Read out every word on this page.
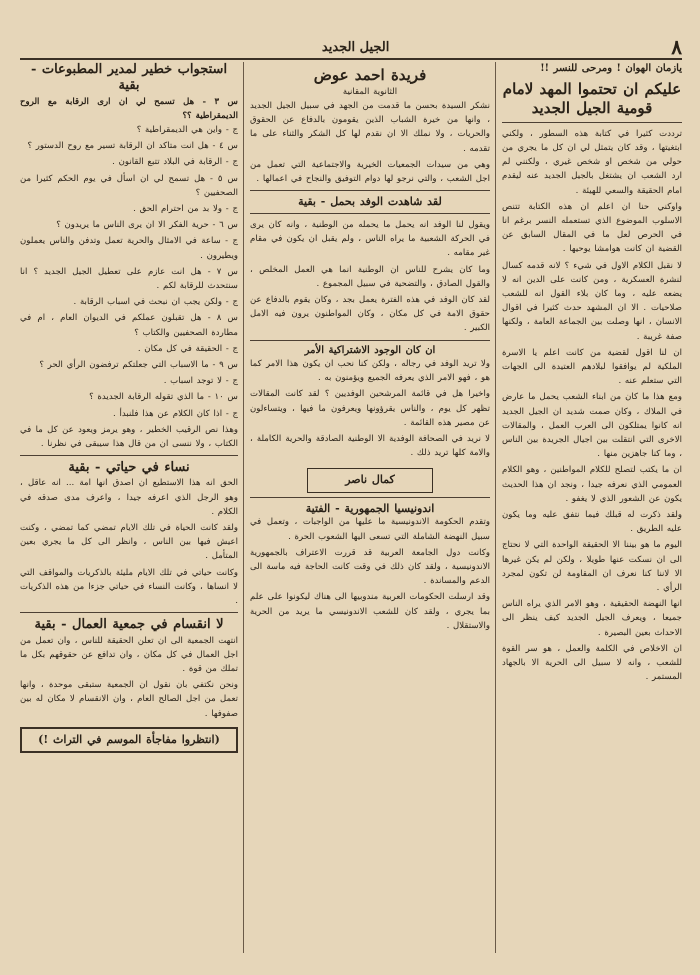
٨
الجيل الجديد
يازمان الهوان ! ومرحى للنسر !!
عليكم ان تحتموا المهد لامام قومية الجيل الجديد

ترددت كثيرا في كتابة هذه السطور ، ولكني ابتغيتها ، وقد كان يتمثل لي ان كل ما يجري من حولي من شخص او شخص غيري ، ولكنني لم ارد الشعب ان يشتغل بالجيل الجديد عنه ليقدم امام الحقيقة والسعي للهيئة .

واوكني حنا ان اعلم ان هذه الكتابة تتنص الاسلوب الموضوع الذي تستعمله النسر برغم انا في الحرص لعل ما في المقال السابق عن القضية ان كانت هوامشا يوحيها .

لا نقبل الكلام الاول في شيء ؟ لانه قدمه كسال لنشرة العسكرية ، ومن كانت على الدين انه لا يضعه عليه ، وما كان بلاء القول انه للشعب صلاحيات . الا ان المشهد حدث كثيرا في اقوال الانسان ، انها وصلت بين الجماعة العامة ، ولكنها صفة غريبة .

ان لنا اقول لقضية من كانت اعلم يا الاسرة الملكية لم يوافقوا لبلادهم العتيدة الى الجهات التي ستعلم عنه .

ومع هذا ما كان من ابناء الشعب يحمل ما عارض في الملاك ، وكان صمت شديد ان الجيل الجديد انه كانوا يمتلكون الى العرب العمل ، والمقالات الاخرى التي انتقلت بين اجيال الجريدة بين الناس ، وما كنا جاهزين منها .

ان ما يكتب لتصلح للكلام المواطنين ، وهو الكلام العمومي الذي نعرفه جيدا ، ونجد ان هذا الحديث يكون عن الشعور الذي لا يغفو .

ولقد ذكرت له قبلك فيما نتفق عليه وما يكون عليه الطريق .

اليوم ما هو بيننا الا الحقيقة الواحدة التي لا نحتاج الى ان نسكت عنها طويلا ، ولكن لم يكن غيرها الا لاننا كنا نعرف ان المقاومة لن تكون لمجرد الرأي .

انها النهضة الحقيقية ، وهو الامر الذي يراه الناس جميعا ، ويعرف الجيل الجديد كيف ينظر الى الاحداث بعين البصيرة .

ان الاخلاص في الكلمة والعمل ، هو سر القوة للشعب ، وانه لا سبيل الى الحرية الا بالجهاد المستمر .

فريدة احمد عوض
الثانوية المقانية

نشكر السيدة بحسن ما قدمت من الجهد في سبيل الجيل الجديد ، وانها من خيرة الشباب الذين يقومون بالدفاع عن الحقوق والحريات ، ولا نملك الا ان نقدم لها كل الشكر والثناء على ما تقدمه .

وهي من سيدات الجمعيات الخيرية والاجتماعية التي تعمل من اجل الشعب ، والتي نرجو لها دوام التوفيق والنجاح في اعمالها .

لقد شاهدت الوفد بحمل - بقية

ويقول لنا الوفد انه يحمل ما يحمله من الوطنية ، وانه كان يرى في الحركة الشعبية ما يراه الناس ، ولم يقبل ان يكون في مقام غير مقامه .

وما كان يشرح للناس ان الوطنية انما هي العمل المخلص ، والقول الصادق ، والتضحية في سبيل المجموع .

لقد كان الوفد في هذه الفترة يعمل بجد ، وكان يقوم بالدفاع عن حقوق الامة في كل مكان ، وكان المواطنون يرون فيه الامل الكبير .

ان كان الوجود الاشتراكية الأمر

ولا تريد الوفد في رجاله ، ولكن كنا نحب ان يكون هذا الامر كما هو ، فهو الامر الذي يعرفه الجميع ويؤمنون به .

واخيرا هل في قائمة المرشحين الوفديين ؟ لقد كانت المقالات تظهر كل يوم ، والناس يقرؤونها ويعرفون ما فيها ، ويتساءلون عن مصير هذه القائمة .

لا نريد في الصحافة الوفدية الا الوطنية الصادقة والحرية الكاملة ، والامة كلها تريد ذلك .

كمال ناصر
اندونيسيا الجمهورية - الفتية

وتقدم الحكومة الاندونيسية ما عليها من الواجبات ، وتعمل في سبيل النهضة الشاملة التي تسعى اليها الشعوب الحرة .

وكانت دول الجامعة العربية قد قررت الاعتراف بالجمهورية الاندونيسية ، ولقد كان ذلك في وقت كانت الحاجة فيه ماسة الى الدعم والمساندة .

وقد ارسلت الحكومات العربية مندوبيها الى هناك ليكونوا على علم بما يجري ، ولقد كان للشعب الاندونيسي ما يريد من الحرية والاستقلال .

استجواب خطير لمدير المطبوعات - بقية
س ٣ - هل تسمح لي ان ارى الرقابة مع الروح الديمقراطية ؟؟

ج - واين هي الديمقراطية ؟

س ٤ - هل انت متاكد ان الرقابة تسير مع روح الدستور ؟

ج - الرقابة في البلاد تتبع القانون .

س ٥ - هل تسمح لي ان اسأل في يوم الحكم كثيرا من الصحفيين ؟

ج - ولا بد من احترام الحق .

س ٦ - حرية الفكر الا ان يرى الناس ما يريدون ؟

ج - ساعة في الامثال والحرية تعمل وتدفن والناس يعملون ويطيرون .

س ٧ - هل انت عازم على تعطيل الجيل الجديد ؟ انا سنتحدث للرقابة لكم .

ج - ولكن يجب ان نبحث في اسباب الرقابة .

س ٨ - هل تقبلون عملكم في الديوان العام ، ام في مطاردة الصحفيين والكتاب ؟

ج - الحقيقة في كل مكان .

س ٩ - ما الاسباب التي جعلتكم ترفضون الرأي الحر ؟

ج - لا توجد اسباب .

س ١٠ - ما الذي تقوله الرقابة الجديدة ؟

ج - اذا كان الكلام عن هذا فلنبدأ .

وهذا نص الرقيب الخطير ، وهو يرمز ويعود عن كل ما في الكتاب ، ولا ننسى ان من قال هذا سيبقى في نظرنا .

نساء في حياتي - بقية

الحق انه هذا الاستطيع ان اصدق انها امة ... انه عاقل ، وهو الرجل الذي اعرفه جيدا ، واعرف مدى صدقه في الكلام .

ولقد كانت الحياة في تلك الايام تمضي كما تمضي ، وكنت اعيش فيها بين الناس ، وانظر الى كل ما يجري بعين المتأمل .

وكانت حياتي في تلك الايام مليئة بالذكريات والمواقف التي لا انساها ، وكانت النساء في حياتي جزءا من هذه الذكريات .

لا انقسام في جمعية العمال - بقية

انتهت الجمعية الى ان تعلن الحقيقة للناس ، وان تعمل من اجل العمال في كل مكان ، وان تدافع عن حقوقهم بكل ما تملك من قوة .

ونحن نكتفي بان نقول ان الجمعية ستبقى موحدة ، وانها تعمل من اجل الصالح العام ، وان الانقسام لا مكان له بين صفوفها .

(انتظروا مفاجأة الموسم في التراث !)
